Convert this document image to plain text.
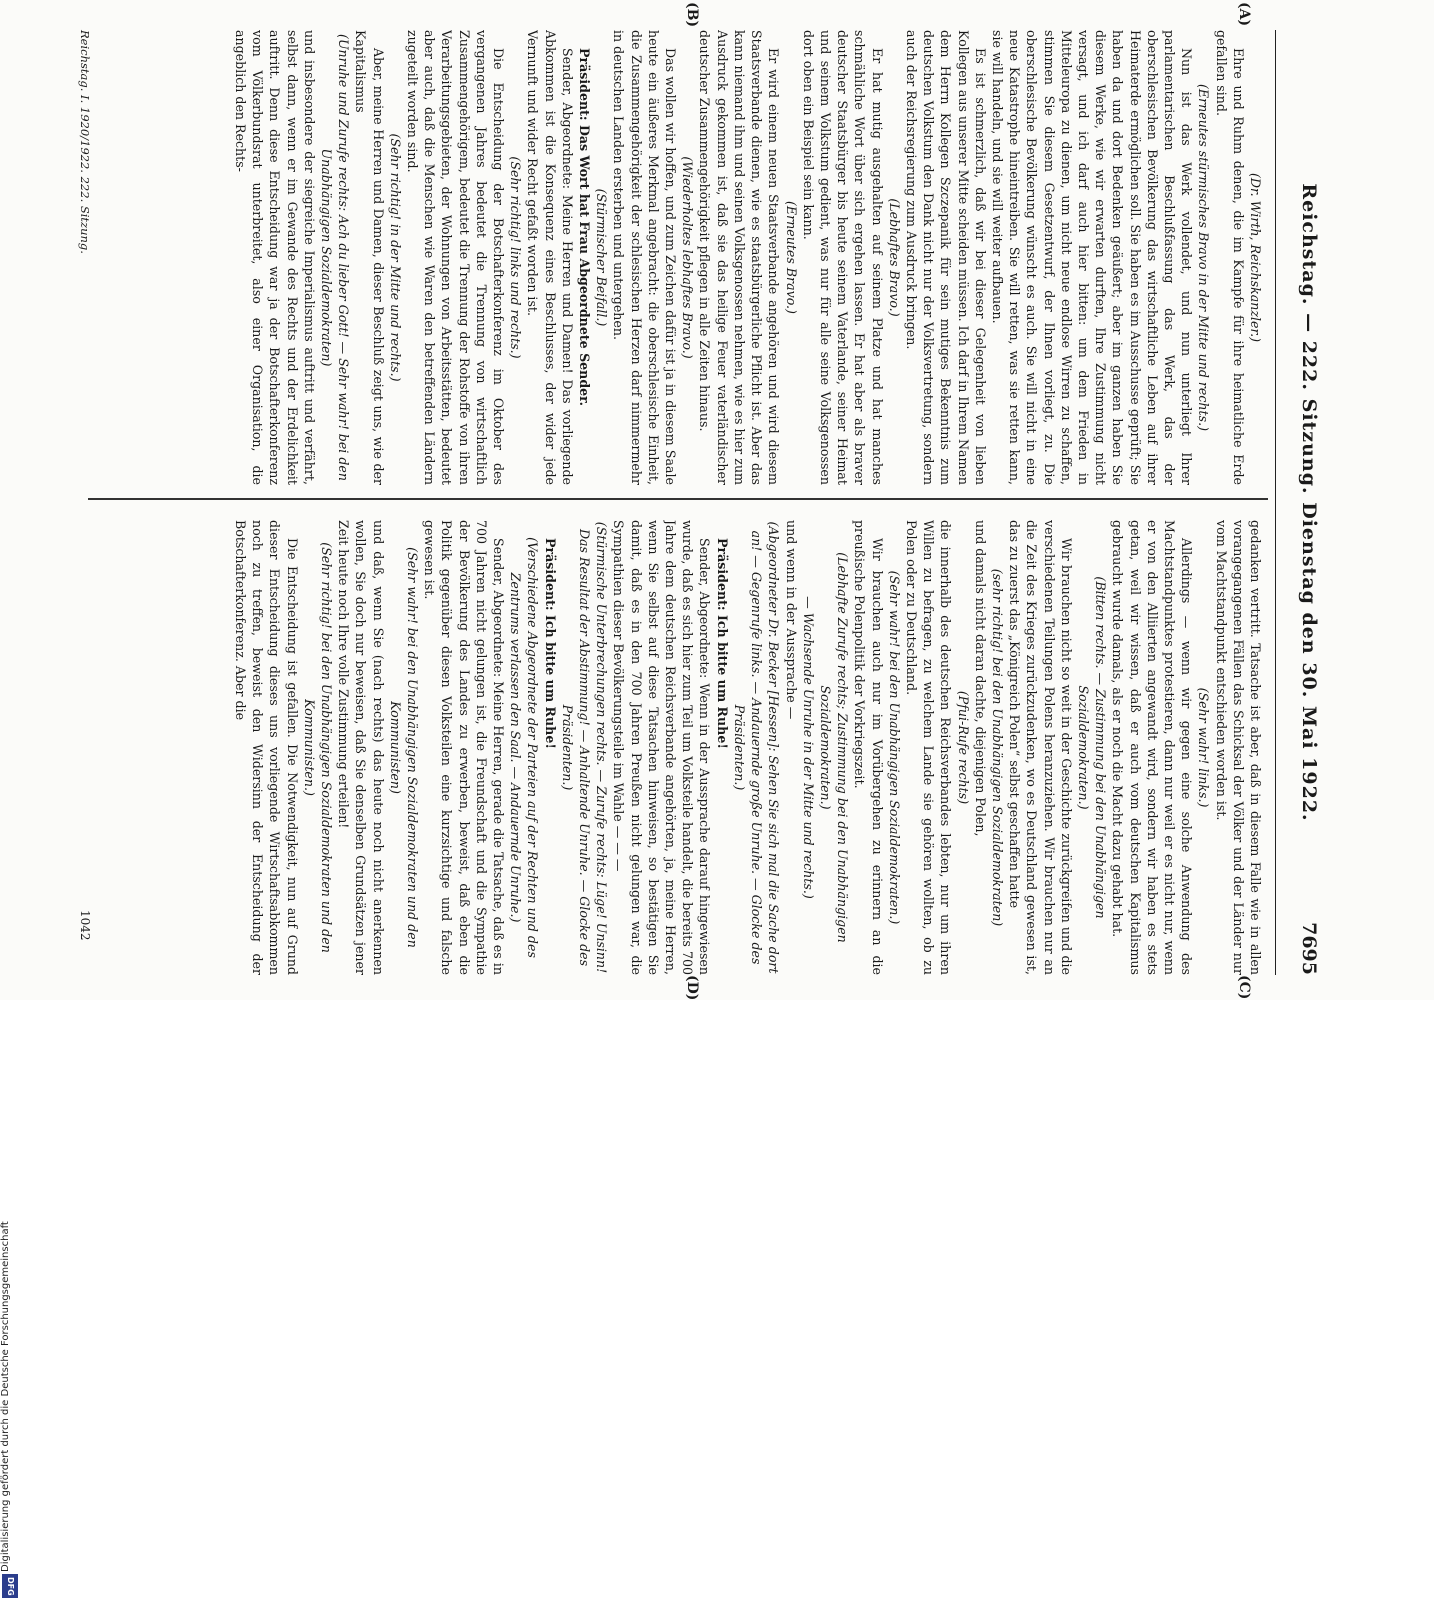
Reichstag. — 222. Sitzung. Dienstag den 30. Mai 1922.
7695
(A)
(B)
(C)
(D)

(Dr. Wirth, Reichskanzler.)

Ehre und Ruhm denen, die im Kampfe für ihre heimatliche Erde gefallen sind.

(Erneutes stürmisches Bravo in der Mitte und rechts.)

Nun ist das Werk vollendet, und nun unterliegt Ihrer parlamentarischen Beschlußfassung das Werk, das der oberschlesischen Bevölkerung das wirtschaftliche Leben auf ihrer Heimaterde ermöglichen soll. Sie haben es im Ausschusse geprüft; Sie haben da und dort Bedenken geäußert; aber im ganzen haben Sie diesem Werke, wie wir erwarten durften, Ihre Zustimmung nicht versagt, und ich darf auch hier bitten: um dem Frieden in Mitteleuropa zu dienen, um nicht neue endlose Wirren zu schaffen, stimmen Sie diesem Gesetzentwurf, der Ihnen vorliegt, zu. Die oberschlesische Bevölkerung wünscht es auch. Sie will nicht in eine neue Katastrophe hineintreiben. Sie will retten, was sie retten kann, sie will handeln, und sie will weiter aufbauen.

Es ist schmerzlich, daß wir bei dieser Gelegenheit von lieben Kollegen aus unserer Mitte scheiden müssen. Ich darf in Ihrem Namen dem Herrn Kollegen Szczepanik für sein mutiges Bekenntnis zum deutschen Volkstum den Dank nicht nur der Volksvertretung, sondern auch der Reichsregierung zum Ausdruck bringen.

(Lebhaftes Bravo.)

Er hat mutig ausgehalten auf seinem Platze und hat manches schmähliche Wort über sich ergehen lassen. Er hat aber als braver deutscher Staatsbürger bis heute seinem Vaterlande, seiner Heimat und seinem Volkstum gedient, was nur für alle seine Volksgenossen dort oben ein Beispiel sein kann.

(Erneutes Bravo.)

Er wird einem neuen Staatsverbande angehören und wird diesem Staatsverbande dienen, wie es staatsbürgerliche Pflicht ist. Aber das kann niemand ihm und seinen Volksgenossen nehmen, wie es hier zum Ausdruck gekommen ist, daß sie das heilige Feuer vaterländischer deutscher Zusammengehörigkeit pflegen in alle Zeiten hinaus.

(Wiederholtes lebhaftes Bravo.)

Das wollen wir hoffen, und zum Zeichen dafür ist ja in diesem Saale heute ein äußeres Merkmal angebracht: die oberschlesische Einheit, die Zusammengehörigkeit der schlesischen Herzen darf nimmermehr in deutschen Landen ersterben und untergehen.

(Stürmischer Beifall.)

Präsident: Das Wort hat Frau Abgeordnete Sender.

Sender, Abgeordnete: Meine Herren und Damen! Das vorliegende Abkommen ist die Konsequenz eines Beschlusses, der wider jede Vernunft und wider Recht gefaßt worden ist.

(Sehr richtig! links und rechts.)

Die Entscheidung der Botschafterkonferenz im Oktober des vergangenen Jahres bedeutet die Trennung von wirtschaftlich Zusammengehörigem, bedeutet die Trennung der Rohstoffe von ihren Verarbeitungsgebieten, der Wohnungen von Arbeitsstätten, bedeutet aber auch, daß die Menschen wie Waren den betreffenden Ländern zugeteilt worden sind.

(Sehr richtig! in der Mitte und rechts.)

Aber, meine Herren und Damen, dieser Beschluß zeigt uns, wie der Kapitalismus

(Unruhe und Zurufe rechts: Ach du lieber Gott! — Sehr wahr! bei den Unabhängigen Sozialdemokraten)

und insbesondere der siegreiche Imperialismus auftritt und verfährt, selbst dann, wenn er im Gewande des Rechts und der Erdelichkeit auftritt. Denn diese Entscheidung war ja der Botschafterkonferenz vom Völkerbundsrat unterbreitet, also einer Organisation, die angeblich den Rechts-

gedanken vertritt. Tatsache ist aber, daß in diesem Falle wie in allen vorangegangenen Fällen das Schicksal der Völker und der Länder nur vom Machtstandpunkt entschieden worden ist.

(Sehr wahr! links.)

Allerdings — wenn wir gegen eine solche Anwendung des Machtstandpunktes protestieren, dann nur weil er es nicht nur, wenn er von den Alliierten angewandt wird, sondern wir haben es stets getan, weil wir wissen, daß er auch vom deutschen Kapitalismus gebraucht wurde damals, als er noch die Macht dazu gehabt hat.

(Bitten rechts. — Zustimmung bei den Unabhängigen Sozialdemokraten.)

Wir brauchen nicht so weit in der Geschichte zurückgreifen und die verschiedenen Teilungen Polens heranzuziehen. Wir brauchen nur an die Zeit des Krieges zurückzudenken, wo es Deutschland gewesen ist, das zu zuerst das „Königreich Polen“ selbst geschaffen hatte

(sehr richtig! bei den Unabhängigen Sozialdemokraten)

und damals nicht daran dachte, diejenigen Polen,

(Pfui-Rufe rechts)

die innerhalb des deutschen Reichsverbandes lebten, nur um ihren Willen zu befragen, zu welchem Lande sie gehören wollten, ob zu Polen oder zu Deutschland.

(Sehr wahr! bei den Unabhängigen Sozialdemokraten.)

Wir brauchen auch nur im Vorübergehen zu erinnern an die preußische Polenpolitik der Vorkriegszeit.

(Lebhafte Zurufe rechts; Zustimmung bei den Unabhängigen Sozialdemokraten.)

— Wachsende Unruhe in der Mitte und rechts.)

und wenn in der Aussprache —

(Abgeordneter Dr. Becker [Hessen]: Sehen Sie sich mal die Sache dort an! — Gegenrufe links. — Andauernde große Unruhe. — Glocke des Präsidenten.)

Präsident: Ich bitte um Ruhe!

Sender, Abgeordnete: Wenn in der Aussprache darauf hingewiesen wurde, daß es sich hier zum Teil um Volksteile handelt, die bereits 700 Jahre dem deutschen Reichsverbande angehörten, ja, meine Herren, wenn Sie selbst auf diese Tatsachen hinweisen, so bestätigen Sie damit, daß es in den 700 Jahren Preußen nicht gelungen war, die Sympathien dieser Bevölkerungsteile im Wahle — — —

(Stürmische Unterbrechungen rechts. — Zurufe rechts: Lüge! Unsinn! Das Resultat der Abstimmung! — Anhaltende Unruhe. — Glocke des Präsidenten.)

Präsident: Ich bitte um Ruhe!

(Verschiedene Abgeordnete der Parteien auf der Rechten und des Zentrums verlassen den Saal. — Andauernde Unruhe.)

Sender, Abgeordnete: Meine Herren, gerade die Tatsache, daß es in 700 Jahren nicht gelungen ist, die Freundschaft und die Sympathie der Bevölkerung des Landes zu erwerben, beweist, daß eben die Politik gegenüber diesen Volksteilen eine kurzsichtige und falsche gewesen ist.

(Sehr wahr! bei den Unabhängigen Sozialdemokraten und den Kommunisten)

und daß, wenn Sie (nach rechts) das heute noch nicht anerkennen wollen, Sie doch nur beweisen, daß Sie denselben Grundsätzen jener Zeit heute noch Ihre volle Zustimmung erteilen!

(Sehr richtig! bei den Unabhängigen Sozialdemokraten und den Kommunisten.)

Die Entscheidung ist gefallen. Die Notwendigkeit, nun auf Grund dieser Entscheidung dieses uns vorliegende Wirtschaftsabkommen noch zu treffen, beweist den Widersinn der Entscheidung der Botschafterkonferenz. Aber die

Reichstag. I. 1920/1922. 222. Sitzung.
1042
Digitalisierung gefördert durch die Deutsche Forschungsgemeinschaft
DFG
